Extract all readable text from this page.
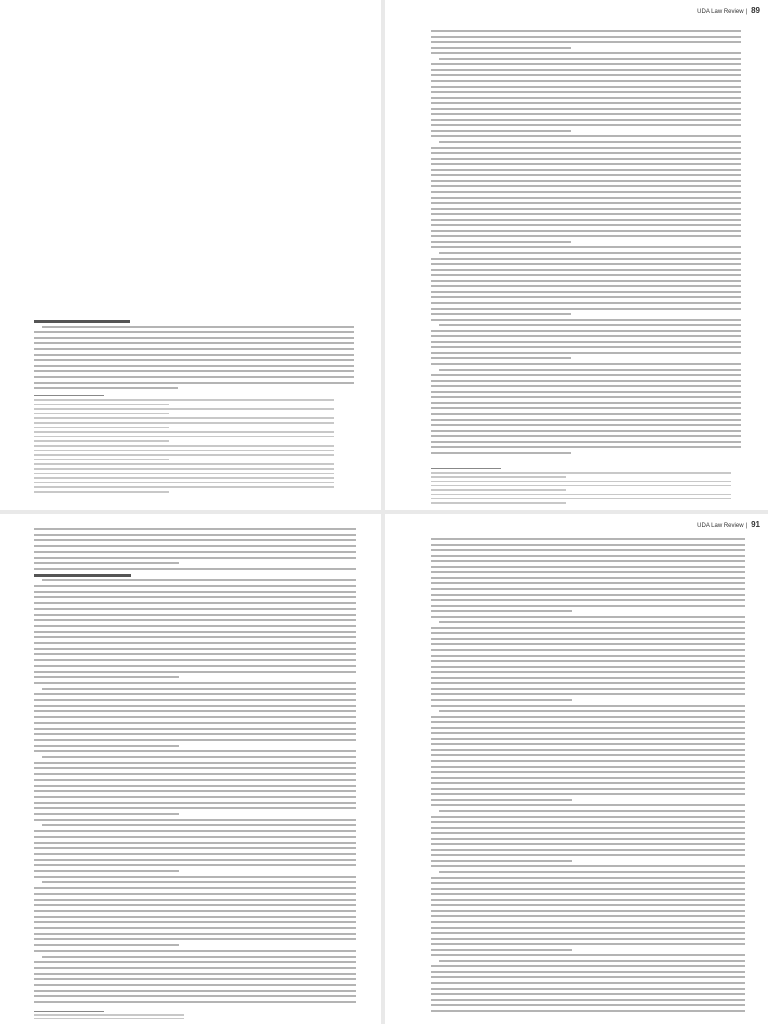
UDA Law Review | 89
UDA Law Review | 91
